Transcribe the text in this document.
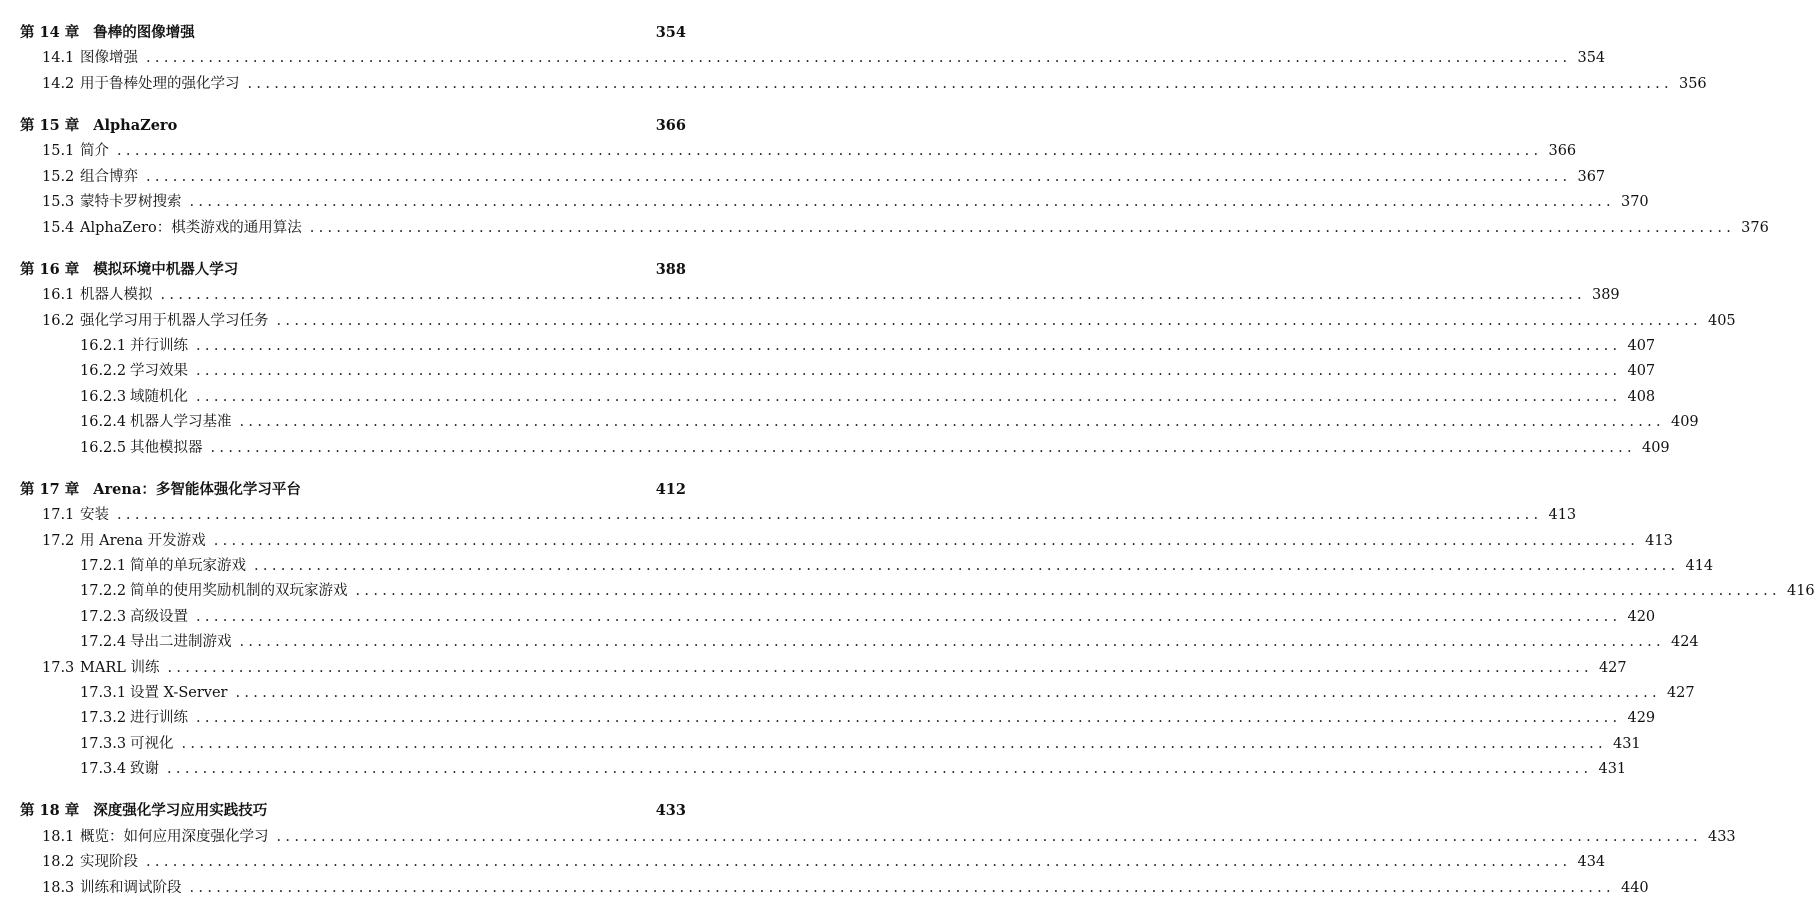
第 14 章 鲁棒的图像增强	354
14.1 图像增强 ................................................................................................................................................................ 354
14.2 用于鲁棒处理的强化学习 ................................................................................................................................................................ 356
第 15 章 AlphaZero	366
15.1 简介 ................................................................................................................................................................ 366
15.2 组合博弈 ................................................................................................................................................................ 367
15.3 蒙特卡罗树搜索 ................................................................................................................................................................ 370
15.4 AlphaZero：棋类游戏的通用算法 ................................................................................................................................................................ 376
第 16 章 模拟环境中机器人学习	388
16.1 机器人模拟 ................................................................................................................................................................ 389
16.2 强化学习用于机器人学习任务 ................................................................................................................................................................ 405
16.2.1 并行训练 ................................................................................................................................................................ 407
16.2.2 学习效果 ................................................................................................................................................................ 407
16.2.3 域随机化 ................................................................................................................................................................ 408
16.2.4 机器人学习基准 ................................................................................................................................................................ 409
16.2.5 其他模拟器 ................................................................................................................................................................ 409
第 17 章 Arena：多智能体强化学习平台	412
17.1 安装 ................................................................................................................................................................ 413
17.2 用 Arena 开发游戏 ................................................................................................................................................................ 413
17.2.1 简单的单玩家游戏 ................................................................................................................................................................ 414
17.2.2 简单的使用奖励机制的双玩家游戏 ................................................................................................................................................................ 416
17.2.3 高级设置 ................................................................................................................................................................ 420
17.2.4 导出二进制游戏 ................................................................................................................................................................ 424
17.3 MARL 训练 ................................................................................................................................................................ 427
17.3.1 设置 X-Server ................................................................................................................................................................ 427
17.3.2 进行训练 ................................................................................................................................................................ 429
17.3.3 可视化 ................................................................................................................................................................ 431
17.3.4 致谢 ................................................................................................................................................................ 431
第 18 章 深度强化学习应用实践技巧	433
18.1 概览：如何应用深度强化学习 ................................................................................................................................................................ 433
18.2 实现阶段 ................................................................................................................................................................ 434
18.3 训练和调试阶段 ................................................................................................................................................................ 440
